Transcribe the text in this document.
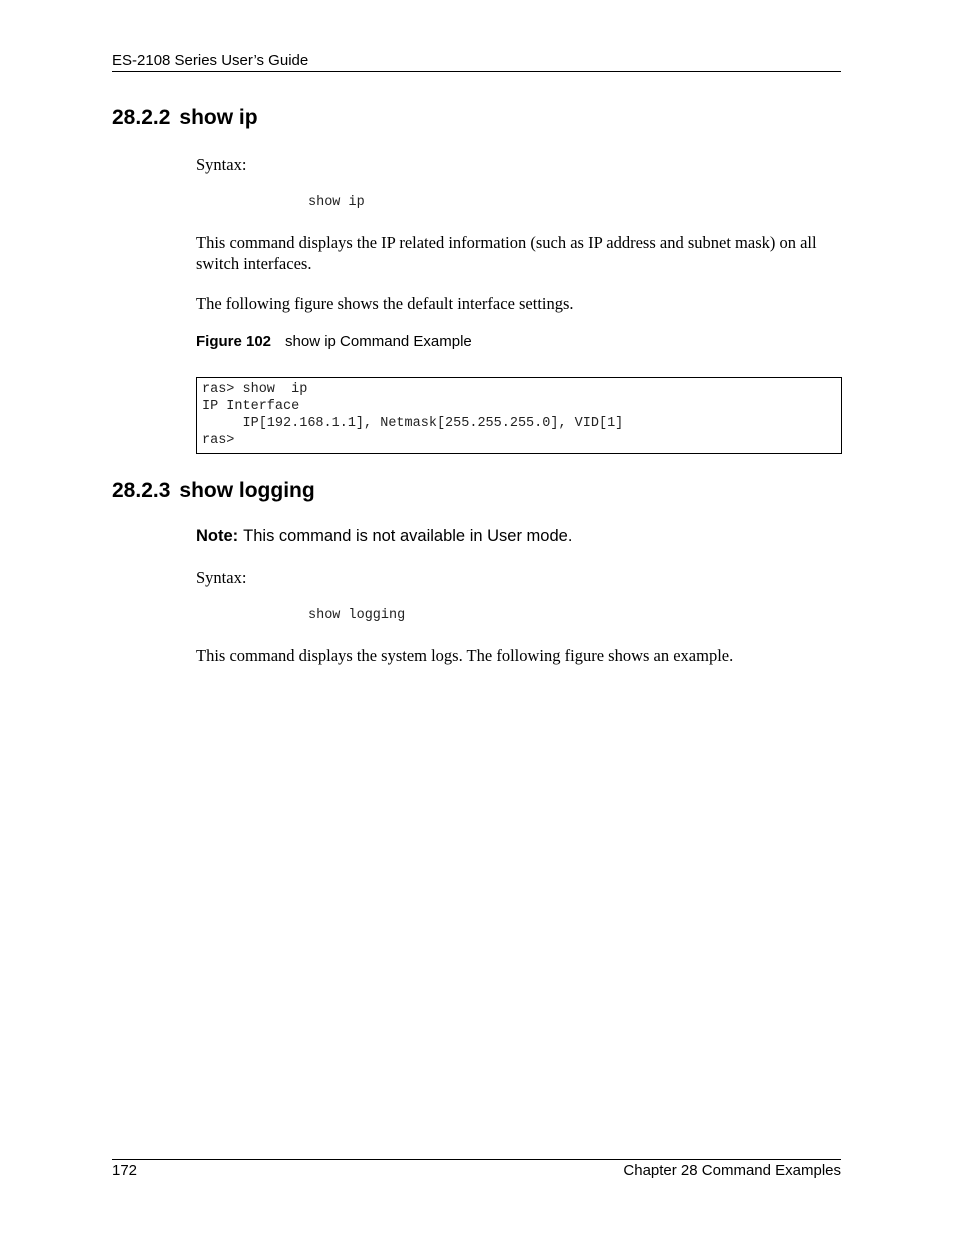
ES-2108 Series User’s Guide
28.2.2 show ip
Syntax:
show ip
This command displays the IP related information (such as IP address and subnet mask) on all switch interfaces.
The following figure shows the default interface settings.
Figure 102 show ip Command Example
ras> show  ip
IP Interface
IP[192.168.1.1], Netmask[255.255.255.0], VID[1]
ras>
28.2.3 show logging
Note: This command is not available in User mode.
Syntax:
show logging
This command displays the system logs. The following figure shows an example.
172	Chapter 28 Command Examples
